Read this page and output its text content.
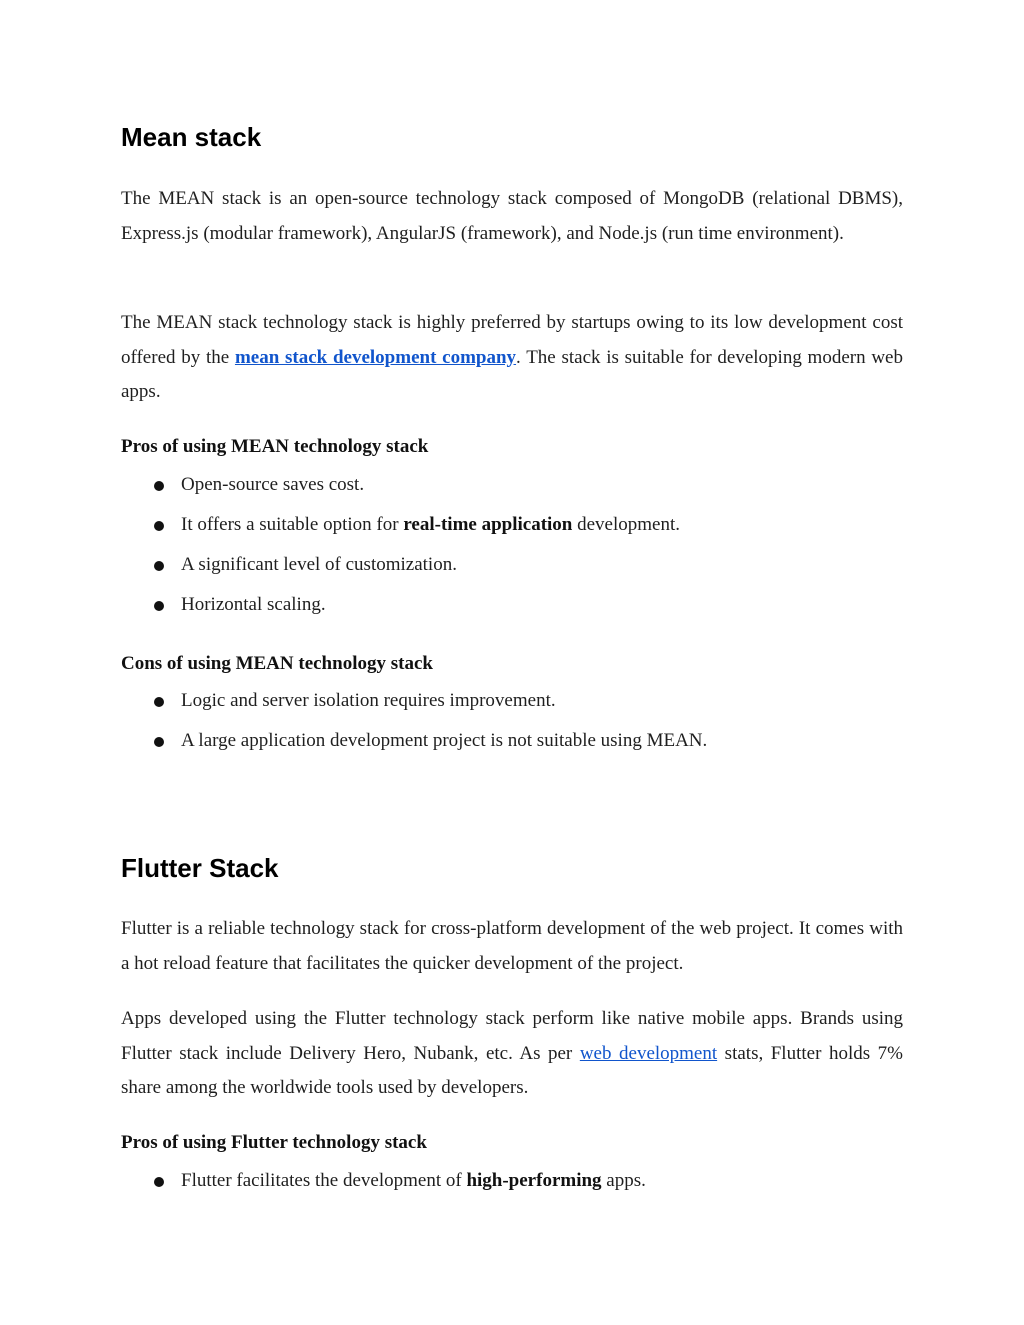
Mean stack

The MEAN stack is an open-source technology stack composed of MongoDB (relational DBMS), Express.js (modular framework), AngularJS (framework), and Node.js (run time environment).

The MEAN stack technology stack is highly preferred by startups owing to its low development cost offered by the mean stack development company. The stack is suitable for developing modern web apps.

Pros of using MEAN technology stack
Open-source saves cost.
It offers a suitable option for real-time application development.
A significant level of customization.
Horizontal scaling.
Cons of using MEAN technology stack
Logic and server isolation requires improvement.
A large application development project is not suitable using MEAN.
Flutter Stack

Flutter is a reliable technology stack for cross-platform development of the web project. It comes with a hot reload feature that facilitates the quicker development of the project.

Apps developed using the Flutter technology stack perform like native mobile apps. Brands using Flutter stack include Delivery Hero, Nubank, etc. As per web development stats, Flutter holds 7% share among the worldwide tools used by developers.

Pros of using Flutter technology stack
Flutter facilitates the development of high-performing apps.
